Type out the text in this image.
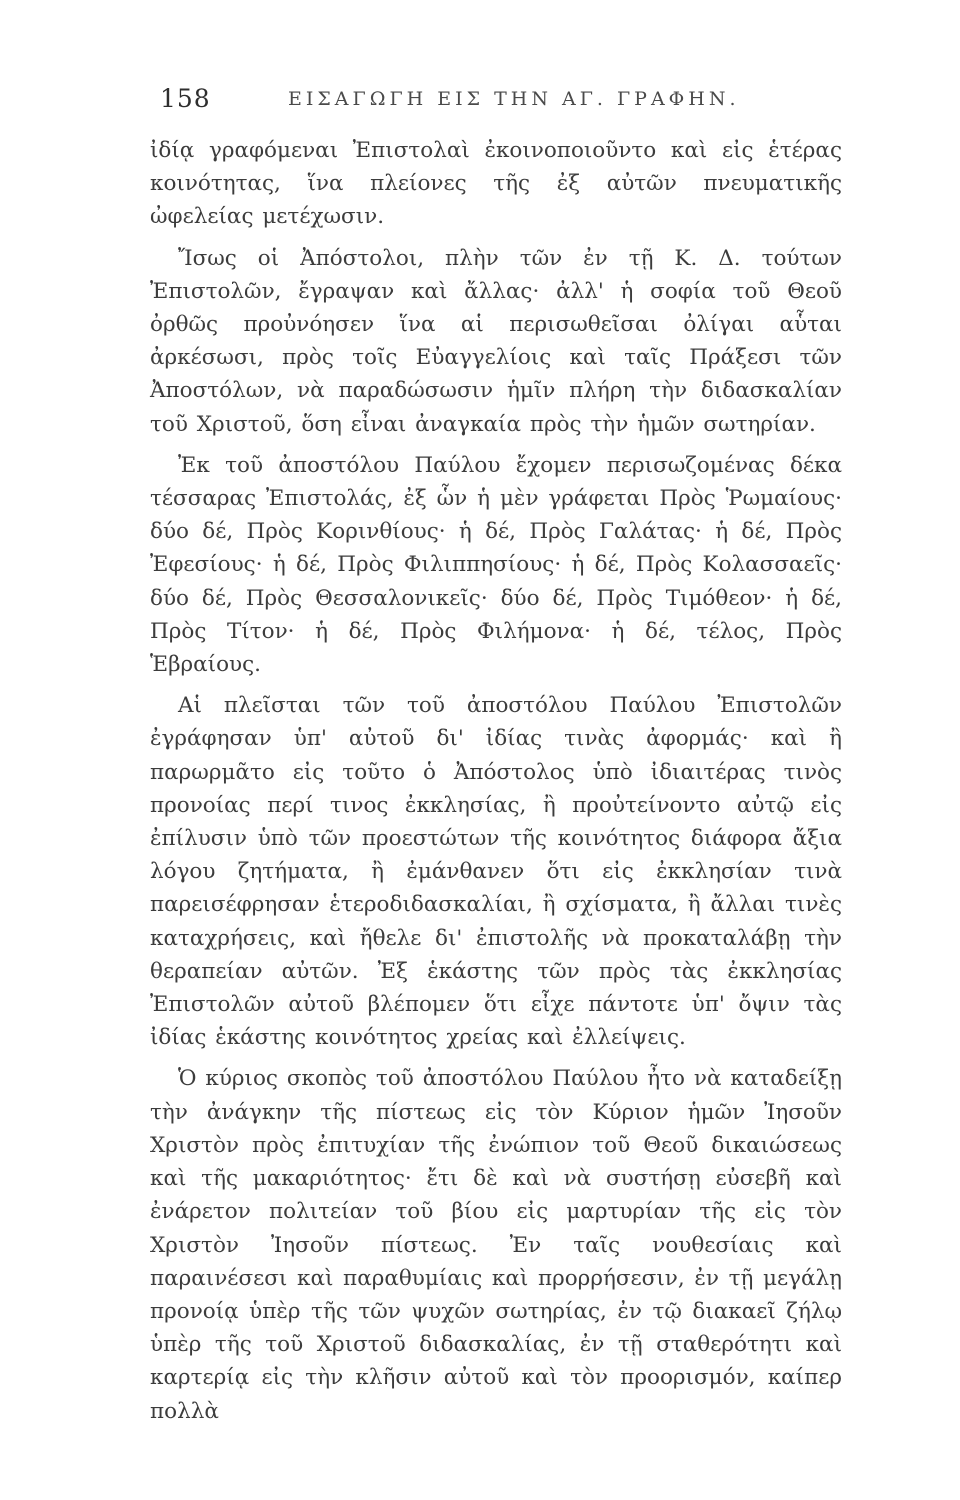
158	ΕΙΣΑΓΩΓΗ ΕΙΣ ΤΗΝ ΑΓ. ΓΡΑΦΗΝ.

ἰδίᾳ γραφόμεναι Ἐπιστολαὶ ἐκοινοποιοῦντο καὶ εἰς ἑτέρας κοινότητας, ἵνα πλείονες τῆς ἐξ αὐτῶν πνευματικῆς ὠφελείας μετέχωσιν.

Ἴσως οἱ Ἀπόστολοι, πλὴν τῶν ἐν τῇ Κ. Δ. τούτων Ἐπιστολῶν, ἔγραψαν καὶ ἄλλας· ἀλλ' ἡ σοφία τοῦ Θεοῦ ὀρθῶς προὐνόησεν ἵνα αἱ περισωθεῖσαι ὀλίγαι αὗται ἀρκέσωσι, πρὸς τοῖς Εὐαγγελίοις καὶ ταῖς Πράξεσι τῶν Ἀποστόλων, νὰ παραδώσωσιν ἡμῖν πλήρη τὴν διδασκαλίαν τοῦ Χριστοῦ, ὅση εἶναι ἀναγκαία πρὸς τὴν ἡμῶν σωτηρίαν.

Ἐκ τοῦ ἀποστόλου Παύλου ἔχομεν περισωζομένας δέκα τέσσαρας Ἐπιστολάς, ἐξ ὧν ἡ μὲν γράφεται Πρὸς Ῥωμαίους· δύο δέ, Πρὸς Κορινθίους· ἡ δέ, Πρὸς Γαλάτας· ἡ δέ, Πρὸς Ἐφεσίους· ἡ δέ, Πρὸς Φιλιππησίους· ἡ δέ, Πρὸς Κολασσαεῖς· δύο δέ, Πρὸς Θεσσαλονικεῖς· δύο δέ, Πρὸς Τιμόθεον· ἡ δέ, Πρὸς Τίτον· ἡ δέ, Πρὸς Φιλήμονα· ἡ δέ, τέλος, Πρὸς Ἑβραίους.

Αἱ πλεῖσται τῶν τοῦ ἀποστόλου Παύλου Ἐπιστολῶν ἐγράφησαν ὑπ' αὐτοῦ δι' ἰδίας τινὰς ἀφορμάς· καὶ ἢ παρωρμᾶτο εἰς τοῦτο ὁ Ἀπόστολος ὑπὸ ἰδιαιτέρας τινὸς προνοίας περί τινος ἐκκλησίας, ἢ προὐτείνοντο αὐτῷ εἰς ἐπίλυσιν ὑπὸ τῶν προεστώτων τῆς κοινότητος διάφορα ἄξια λόγου ζητήματα, ἢ ἐμάνθανεν ὅτι εἰς ἐκκλησίαν τινὰ παρεισέφρησαν ἑτεροδιδασκαλίαι, ἢ σχίσματα, ἢ ἄλλαι τινὲς καταχρήσεις, καὶ ἤθελε δι' ἐπιστολῆς νὰ προκαταλάβῃ τὴν θεραπείαν αὐτῶν. Ἐξ ἑκάστης τῶν πρὸς τὰς ἐκκλησίας Ἐπιστολῶν αὐτοῦ βλέπομεν ὅτι εἶχε πάντοτε ὑπ' ὄψιν τὰς ἰδίας ἑκάστης κοινότητος χρείας καὶ ἐλλείψεις.

Ὁ κύριος σκοπὸς τοῦ ἀποστόλου Παύλου ἦτο νὰ καταδείξῃ τὴν ἀνάγκην τῆς πίστεως εἰς τὸν Κύριον ἡμῶν Ἰησοῦν Χριστὸν πρὸς ἐπιτυχίαν τῆς ἐνώπιον τοῦ Θεοῦ δικαιώσεως καὶ τῆς μακαριότητος· ἔτι δὲ καὶ νὰ συστήσῃ εὐσεβῆ καὶ ἐνάρετον πολιτείαν τοῦ βίου εἰς μαρτυρίαν τῆς εἰς τὸν Χριστὸν Ἰησοῦν πίστεως. Ἐν ταῖς νουθεσίαις καὶ παραινέσεσι καὶ παραθυμίαις καὶ προρρήσεσιν, ἐν τῇ μεγάλῃ προνοίᾳ ὑπὲρ τῆς τῶν ψυχῶν σωτηρίας, ἐν τῷ διακαεῖ ζήλῳ ὑπὲρ τῆς τοῦ Χριστοῦ διδασκαλίας, ἐν τῇ σταθερότητι καὶ καρτερίᾳ εἰς τὴν κλῆσιν αὐτοῦ καὶ τὸν προορισμόν, καίπερ πολλὰ
